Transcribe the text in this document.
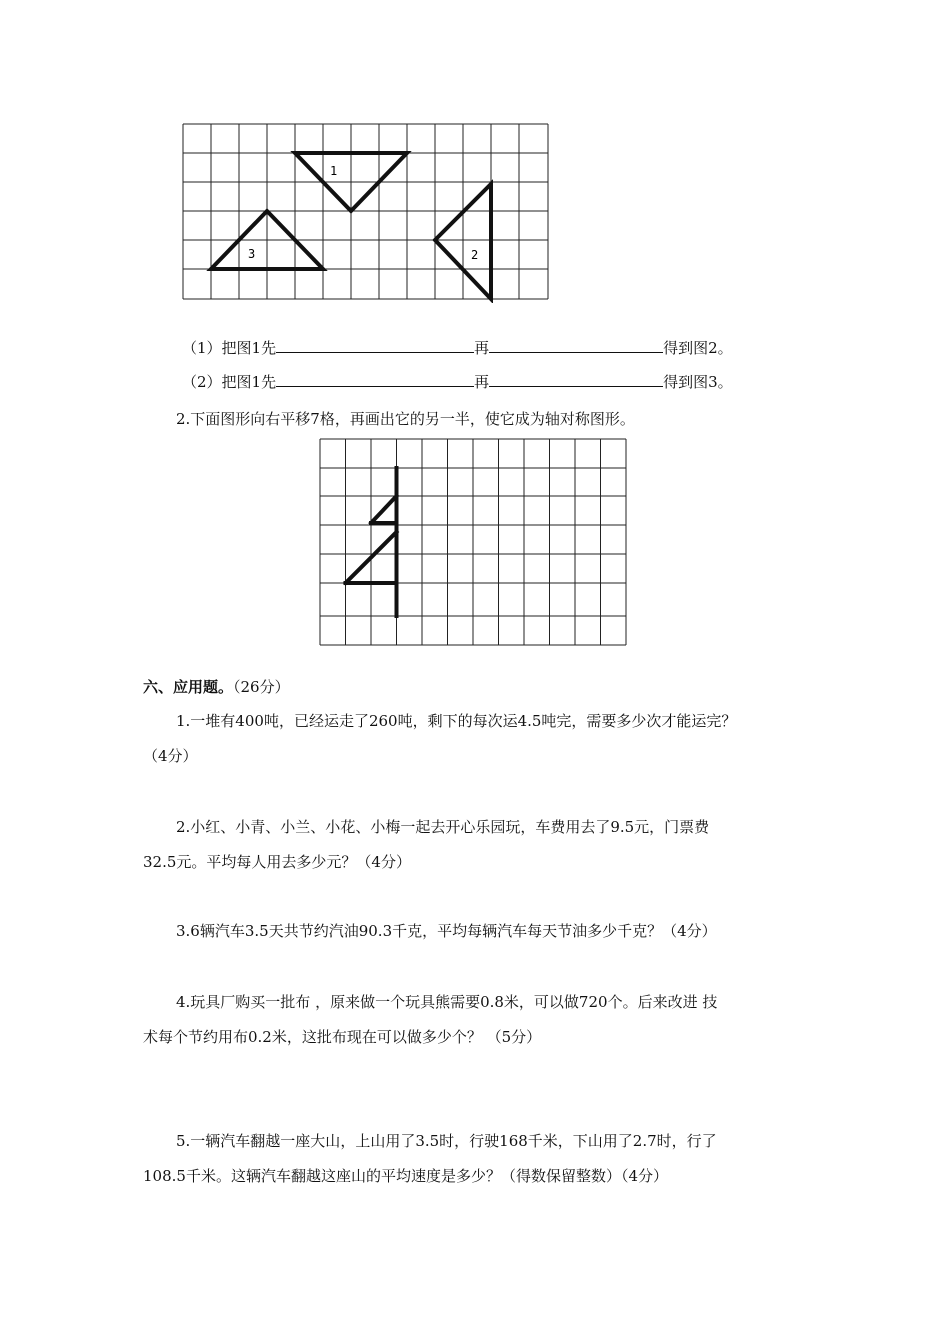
1
2
3
（1）把图1先	再	得到图2。
（2）把图1先	再	得到图3。
2.下面图形向右平移7格，再画出它的另一半，使它成为轴对称图形。
六、应用题。（26分）
1.一堆有400吨，已经运走了260吨，剩下的每次运4.5吨完，需要多少次才能运完？
（4分）
2.小红、小青、小兰、小花、小梅一起去开心乐园玩，车费用去了9.5元，门票费
32.5元。平均每人用去多少元？（4分）
3.6辆汽车3.5天共节约汽油90.3千克，平均每辆汽车每天节油多少千克？（4分）
4.玩具厂购买一批布 ，原来做一个玩具熊需要0.8米，可以做720个。后来改进 技
术每个节约用布0.2米，这批布现在可以做多少个？ （5分）
5.一辆汽车翻越一座大山，上山用了3.5时，行驶168千米，下山用了2.7时，行了
108.5千米。这辆汽车翻越这座山的平均速度是多少？（得数保留整数）（4分）
